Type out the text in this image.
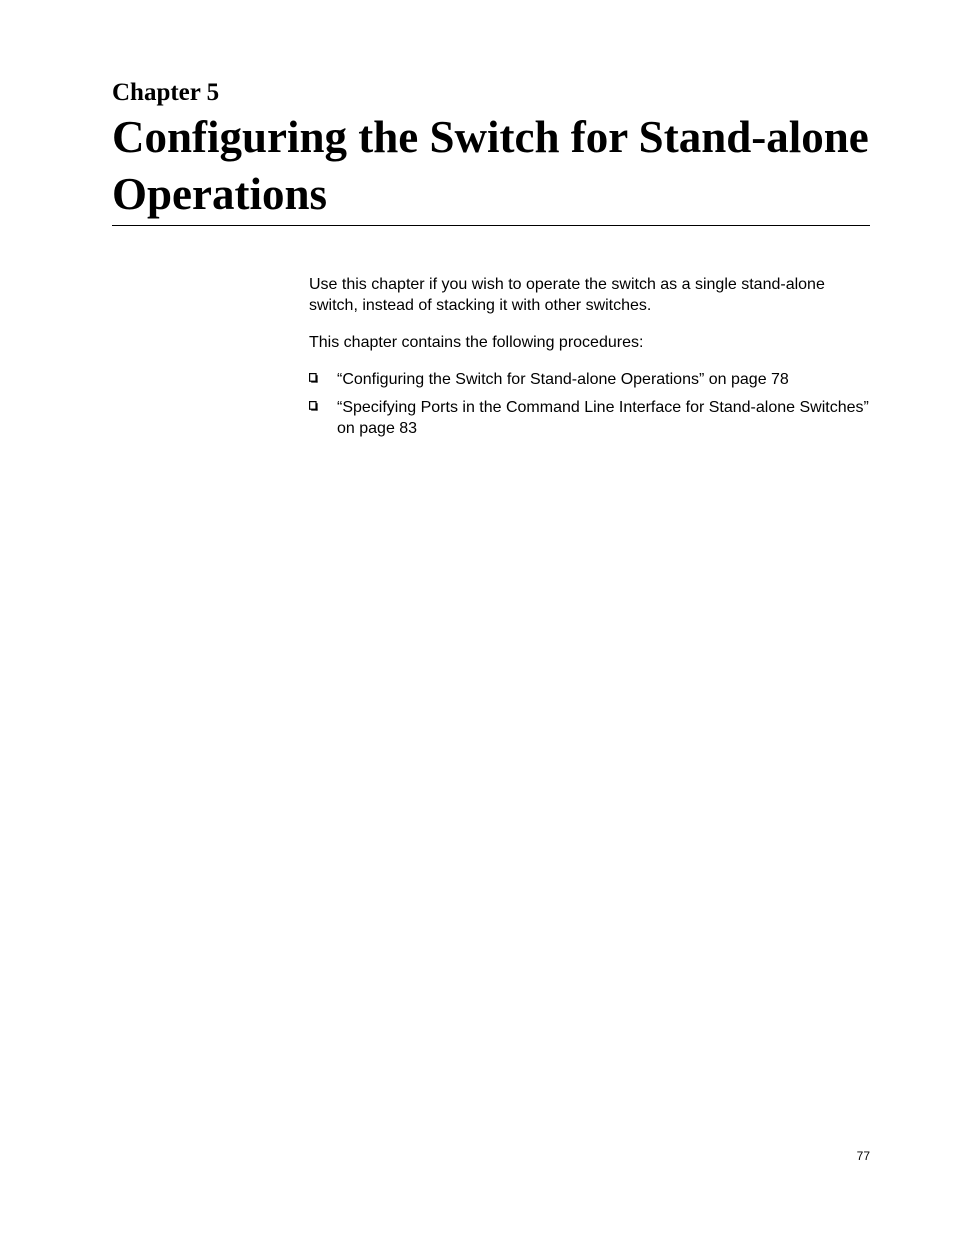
Chapter 5
Configuring the Switch for Stand-alone Operations

Use this chapter if you wish to operate the switch as a single stand-alone switch, instead of stacking it with other switches.

This chapter contains the following procedures:

“Configuring the Switch for Stand-alone Operations” on page 78
“Specifying Ports in the Command Line Interface for Stand-alone Switches” on page 83
77
